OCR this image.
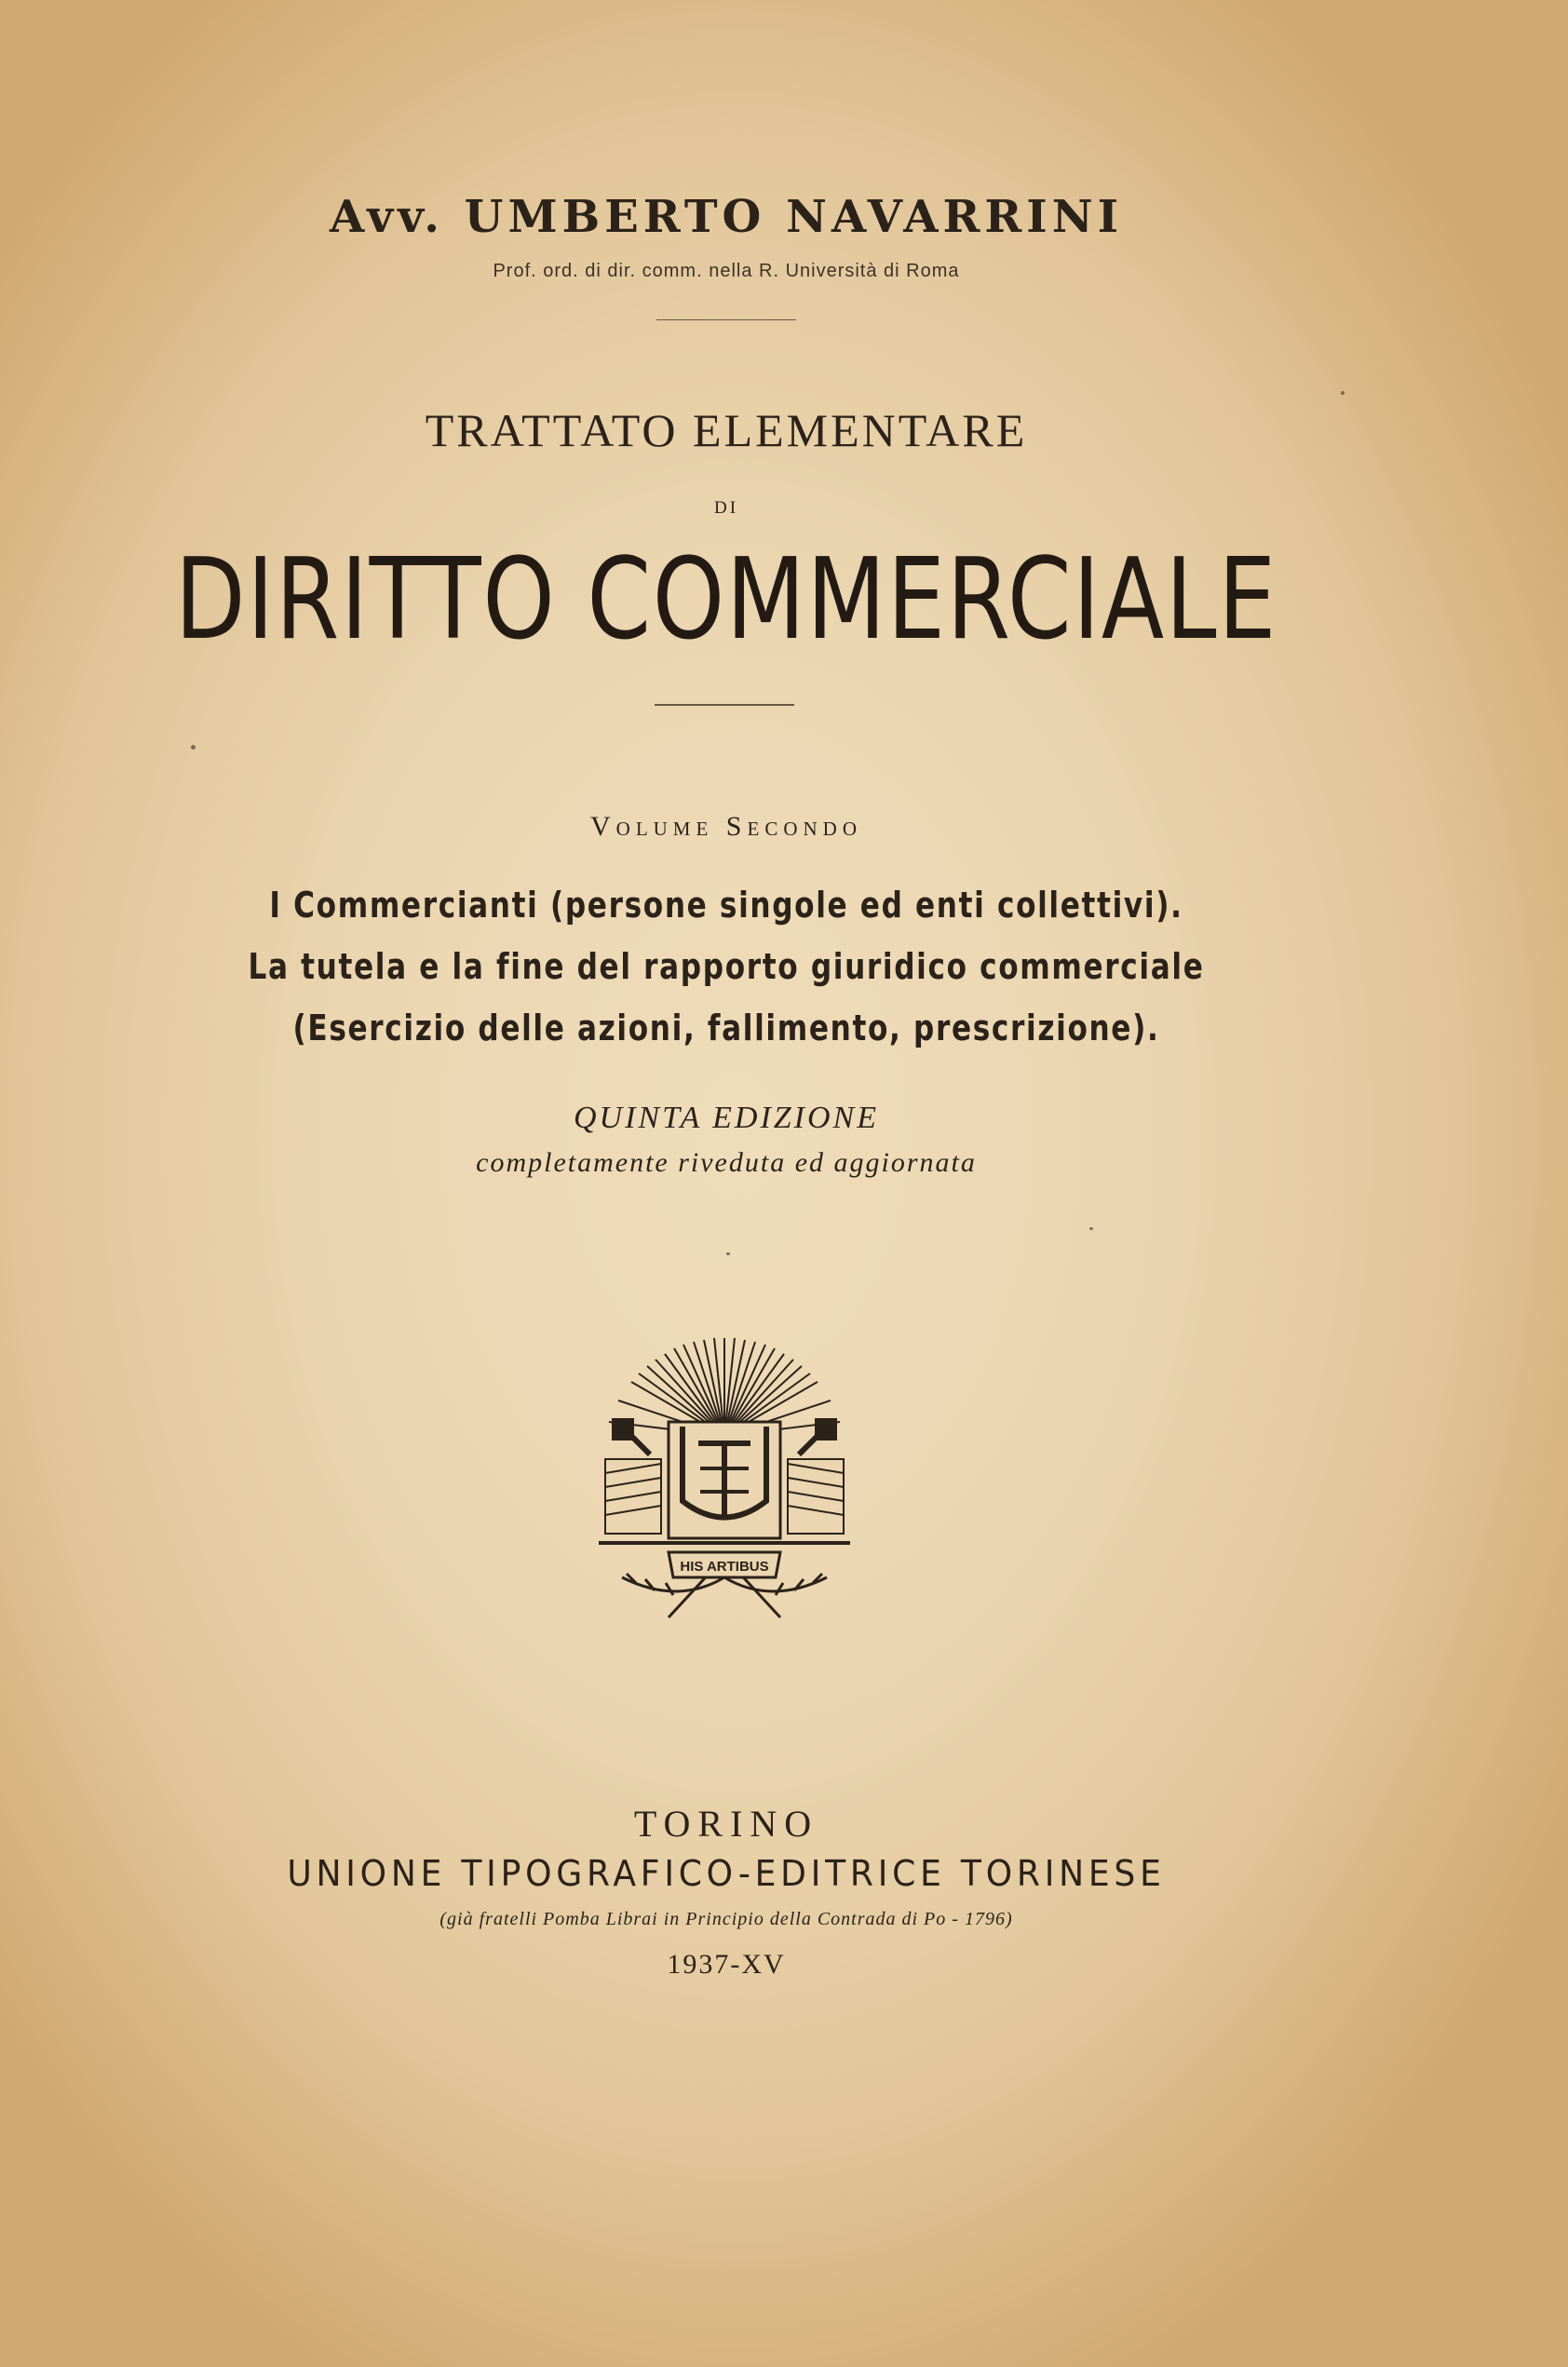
Avv. UMBERTO NAVARRINI
Prof. ord. di dir. comm. nella R. Università di Roma
TRATTATO ELEMENTARE
DI
DIRITTO COMMERCIALE
Volume Secondo
I Commercianti (persone singole ed enti collettivi).
La tutela e la fine del rapporto giuridico commerciale
(Esercizio delle azioni, fallimento, prescrizione).
QUINTA EDIZIONE
completamente riveduta ed aggiornata
HIS ARTIBUS
TORINO
UNIONE TIPOGRAFICO-EDITRICE TORINESE
(già fratelli Pomba Librai in Principio della Contrada di Po - 1796)
1937-XV
